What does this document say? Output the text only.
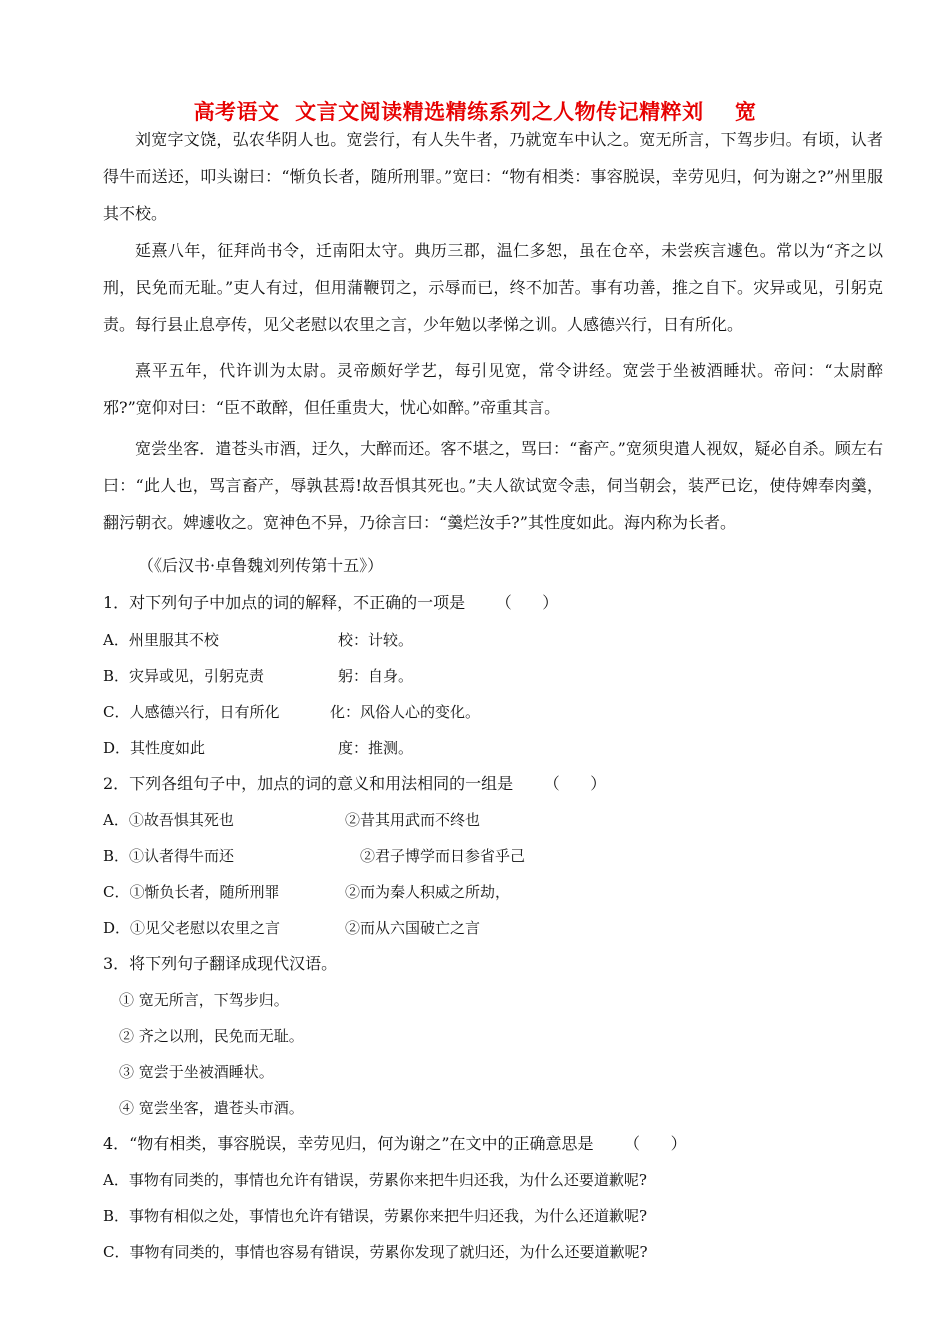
高考语文  文言文阅读精选精练系列之人物传记精粹刘    宽
刘宽字文饶，弘农华阴人也。宽尝行，有人失牛者，乃就宽车中认之。宽无所言，下驾步归。有顷，认者得牛而送还，叩头谢曰：“惭负长者，随所刑罪。”宽曰：“物有相类：事容脱误，幸劳见归，何为谢之?”州里服其不校。
延熹八年，征拜尚书令，迁南阳太守。典历三郡，温仁多恕，虽在仓卒，未尝疾言遽色。常以为“齐之以刑，民免而无耻。”吏人有过，但用蒲鞭罚之，示辱而已，终不加苦。事有功善，推之自下。灾异或见，引躬克责。每行县止息亭传，见父老慰以农里之言，少年勉以孝悌之训。人感德兴行，日有所化。
熹平五年，代许训为太尉。灵帝颇好学艺，每引见宽，常令讲经。宽尝于坐被酒睡状。帝问：“太尉醉邪?”宽仰对曰：“臣不敢醉，但任重贵大，忧心如醉。”帝重其言。
宽尝坐客．遣苍头市酒，迂久，大醉而还。客不堪之，骂曰：“畜产。”宽须臾遣人视奴，疑必自杀。顾左右曰：“此人也，骂言畜产，辱孰甚焉!故吾惧其死也。”夫人欲试宽令恚，伺当朝会，装严已讫，使侍婢奉肉羹，翻污朝衣。婢遽收之。宽神色不异，乃徐言曰：“羹烂汝手?”其性度如此。海内称为长者。
（《后汉书·卓鲁魏刘列传第十五》）
1．对下列句子中加点的词的解释，不正确的一项是      （      ）
A．州里服其不校	校：计较。
B．灾异或见，引躬克责	躬：自身。
C．人感德兴行，日有所化	化：风俗人心的变化。
D．其性度如此	度：推测。
2．下列各组句子中，加点的词的意义和用法相同的一组是      （      ）
A．①故吾惧其死也	②昔其用武而不终也
B．①认者得牛而还	②君子博学而日参省乎己
C．①惭负长者，随所刑罪	②而为秦人积威之所劫，
D．①见父老慰以农里之言	②而从六国破亡之言
3．将下列句子翻译成现代汉语。
① 宽无所言，下驾步归。
② 齐之以刑，民免而无耻。
③ 宽尝于坐被酒睡状。
④ 宽尝坐客，遣苍头市酒。
4．“物有相类，事容脱误，幸劳见归，何为谢之”在文中的正确意思是      （      ）
A．事物有同类的，事情也允许有错误，劳累你来把牛归还我，为什么还要道歉呢?
B．事物有相似之处，事情也允许有错误，劳累你来把牛归还我，为什么还道歉呢?
C．事物有同类的，事情也容易有错误，劳累你发现了就归还，为什么还要道歉呢?
